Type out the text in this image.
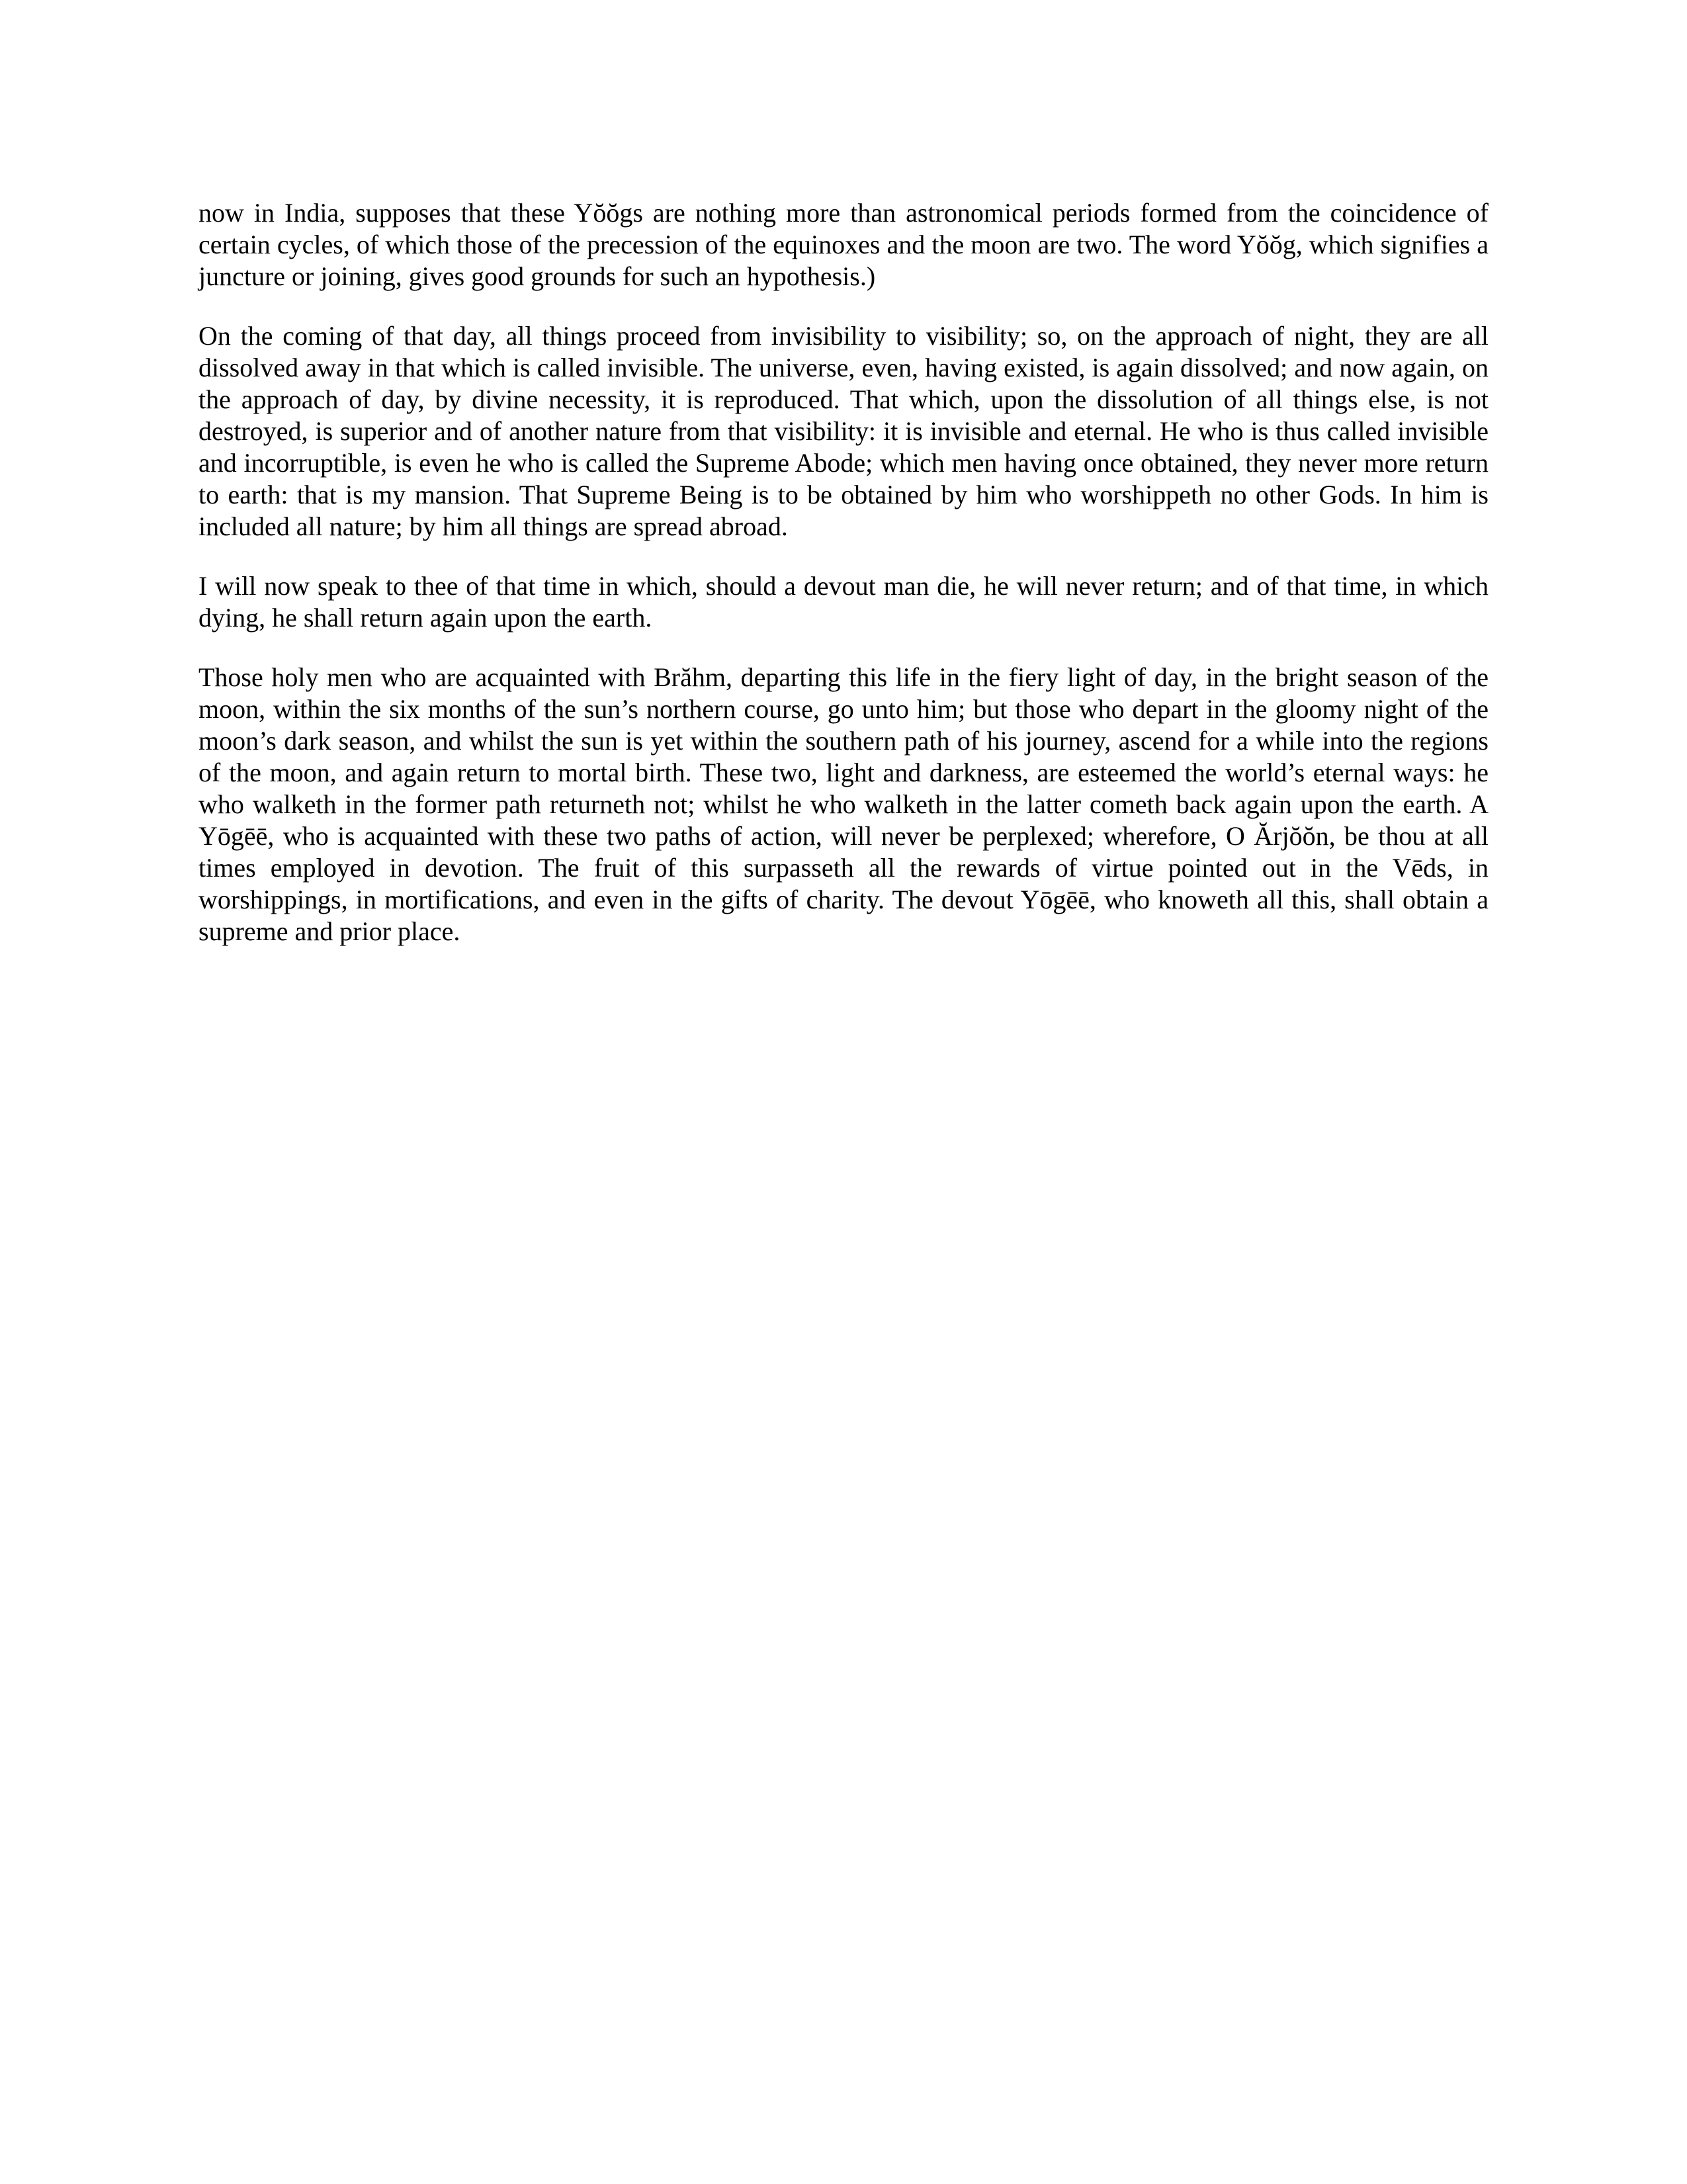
now in India, supposes that these Yŏŏgs are nothing more than astronomical periods formed from the coincidence of certain cycles, of which those of the precession of the equinoxes and the moon are two. The word Yŏŏg, which signifies a juncture or joining, gives good grounds for such an hypothesis.)

On the coming of that day, all things proceed from invisibility to visibility; so, on the approach of night, they are all dissolved away in that which is called invisible. The universe, even, having existed, is again dissolved; and now again, on the approach of day, by divine necessity, it is reproduced. That which, upon the dissolution of all things else, is not destroyed, is superior and of another nature from that visibility: it is invisible and eternal. He who is thus called invisible and incorruptible, is even he who is called the Supreme Abode; which men having once obtained, they never more return to earth: that is my mansion. That Supreme Being is to be obtained by him who worshippeth no other Gods. In him is included all nature; by him all things are spread abroad.

I will now speak to thee of that time in which, should a devout man die, he will never return; and of that time, in which dying, he shall return again upon the earth.

Those holy men who are acquainted with Brăhm, departing this life in the fiery light of day, in the bright season of the moon, within the six months of the sun’s northern course, go unto him; but those who depart in the gloomy night of the moon’s dark season, and whilst the sun is yet within the southern path of his journey, ascend for a while into the regions of the moon, and again return to mortal birth. These two, light and darkness, are esteemed the world’s eternal ways: he who walketh in the former path returneth not; whilst he who walketh in the latter cometh back again upon the earth. A Yōgēē, who is acquainted with these two paths of action, will never be perplexed; wherefore, O Ărjŏŏn, be thou at all times employed in devotion. The fruit of this surpasseth all the rewards of virtue pointed out in the Vēds, in worshippings, in mortifications, and even in the gifts of charity. The devout Yōgēē, who knoweth all this, shall obtain a supreme and prior place.
